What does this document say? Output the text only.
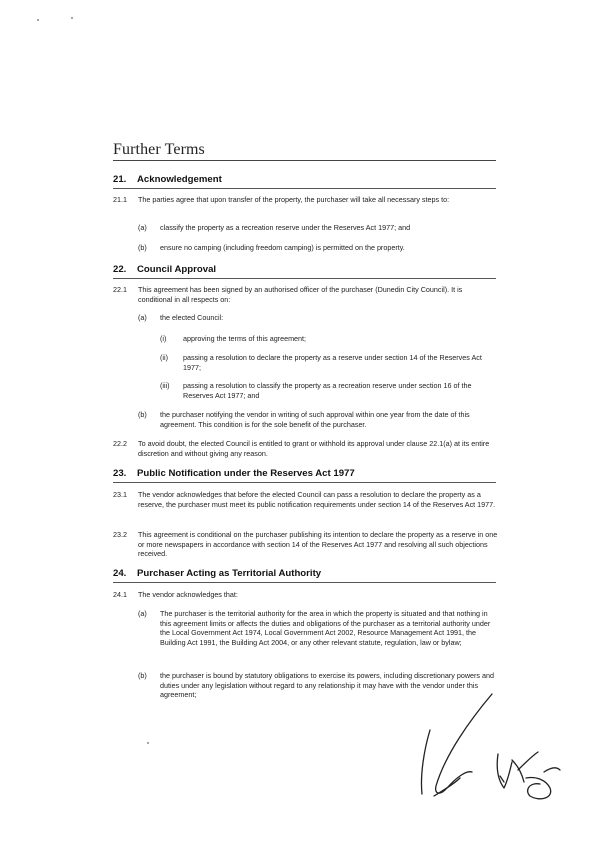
Further Terms
21. Acknowledgement
21.1 The parties agree that upon transfer of the property, the purchaser will take all necessary steps to:
(a) classify the property as a recreation reserve under the Reserves Act 1977; and
(b) ensure no camping (including freedom camping) is permitted on the property.
22. Council Approval
22.1 This agreement has been signed by an authorised officer of the purchaser (Dunedin City Council). It is conditional in all respects on:
(a) the elected Council:
(i) approving the terms of this agreement;
(ii) passing a resolution to declare the property as a reserve under section 14 of the Reserves Act 1977;
(iii) passing a resolution to classify the property as a recreation reserve under section 16 of the Reserves Act 1977; and
(b) the purchaser notifying the vendor in writing of such approval within one year from the date of this agreement. This condition is for the sole benefit of the purchaser.
22.2 To avoid doubt, the elected Council is entitled to grant or withhold its approval under clause 22.1(a) at its entire discretion and without giving any reason.
23. Public Notification under the Reserves Act 1977
23.1 The vendor acknowledges that before the elected Council can pass a resolution to declare the property as a reserve, the purchaser must meet its public notification requirements under section 14 of the Reserves Act 1977.
23.2 This agreement is conditional on the purchaser publishing its intention to declare the property as a reserve in one or more newspapers in accordance with section 14 of the Reserves Act 1977 and resolving all such objections received.
24. Purchaser Acting as Territorial Authority
24.1 The vendor acknowledges that:
(a) The purchaser is the territorial authority for the area in which the property is situated and that nothing in this agreement limits or affects the duties and obligations of the purchaser as a territorial authority under the Local Government Act 1974, Local Government Act 2002, Resource Management Act 1991, the Building Act 1991, the Building Act 2004, or any other relevant statute, regulation, law or bylaw;
(b) the purchaser is bound by statutory obligations to exercise its powers, including discretionary powers and duties under any legislation without regard to any relationship it may have with the vendor under this agreement;
